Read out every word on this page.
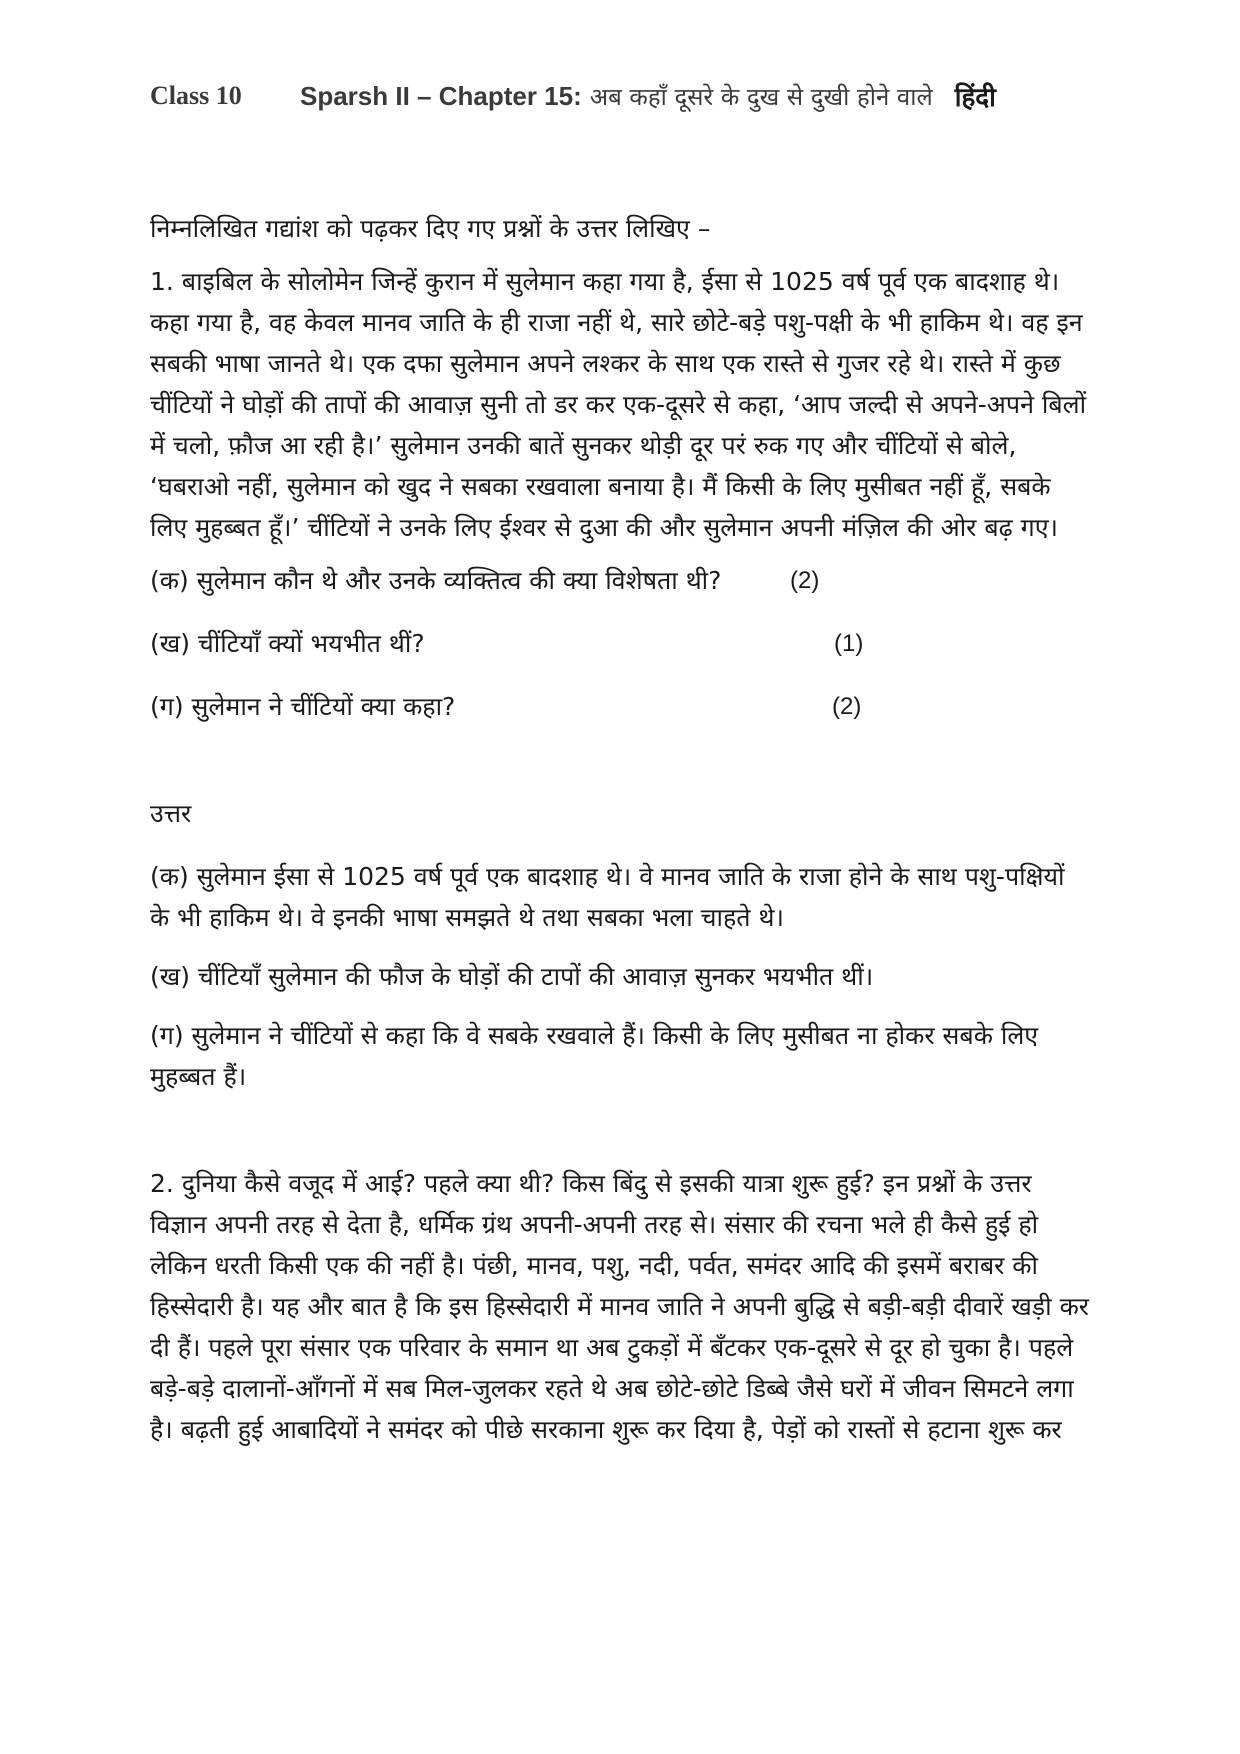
Class 10	Sparsh II – Chapter 15: अब कहाँ दूसरे के दुख से दुखी होने वाले हिंदी

निम्नलिखित गद्यांश को पढ़कर दिए गए प्रश्नों के उत्तर लिखिए –

1. बाइबिल के सोलोमेन जिन्हें कुरान में सुलेमान कहा गया है, ईसा से 1025 वर्ष पूर्व एक बादशाह थे। कहा गया है, वह केवल मानव जाति के ही राजा नहीं थे, सारे छोटे-बड़े पशु-पक्षी के भी हाकिम थे। वह इन सबकी भाषा जानते थे। एक दफा सुलेमान अपने लश्कर के साथ एक रास्ते से गुजर रहे थे। रास्ते में कुछ चींटियों ने घोड़ों की तापों की आवाज़ सुनी तो डर कर एक-दूसरे से कहा, ‘आप जल्दी से अपने-अपने बिलों में चलो, फ़ौज आ रही है।’ सुलेमान उनकी बातें सुनकर थोड़ी दूर परं रुक गए और चींटियों से बोले, ‘घबराओ नहीं, सुलेमान को खुद ने सबका रखवाला बनाया है। मैं किसी के लिए मुसीबत नहीं हूँ, सबके लिए मुहब्बत हूँ।’ चींटियों ने उनके लिए ईश्वर से दुआ की और सुलेमान अपनी मंज़िल की ओर बढ़ गए।

(क) सुलेमान कौन थे और उनके व्यक्तित्व की क्या विशेषता थी?	(2)
(ख) चींटियाँ क्यों भयभीत थीं?	(1)
(ग) सुलेमान ने चींटियों क्या कहा?	(2)

उत्तर

(क) सुलेमान ईसा से 1025 वर्ष पूर्व एक बादशाह थे। वे मानव जाति के राजा होने के साथ पशु-पक्षियों के भी हाकिम थे। वे इनकी भाषा समझते थे तथा सबका भला चाहते थे।

(ख) चींटियाँ सुलेमान की फौज के घोड़ों की टापों की आवाज़ सुनकर भयभीत थीं।

(ग) सुलेमान ने चींटियों से कहा कि वे सबके रखवाले हैं। किसी के लिए मुसीबत ना होकर सबके लिए मुहब्बत हैं।

2. दुनिया कैसे वजूद में आई? पहले क्या थी? किस बिंदु से इसकी यात्रा शुरू हुई? इन प्रश्नों के उत्तर विज्ञान अपनी तरह से देता है, धर्मिक ग्रंथ अपनी-अपनी तरह से। संसार की रचना भले ही कैसे हुई हो लेकिन धरती किसी एक की नहीं है। पंछी, मानव, पशु, नदी, पर्वत, समंदर आदि की इसमें बराबर की हिस्सेदारी है। यह और बात है कि इस हिस्सेदारी में मानव जाति ने अपनी बुद्धि से बड़ी-बड़ी दीवारें खड़ी कर दी हैं। पहले पूरा संसार एक परिवार के समान था अब टुकड़ों में बँटकर एक-दूसरे से दूर हो चुका है। पहले बड़े-बड़े दालानों-आँगनों में सब मिल-जुलकर रहते थे अब छोटे-छोटे डिब्बे जैसे घरों में जीवन सिमटने लगा है। बढ़ती हुई आबादियों ने समंदर को पीछे सरकाना शुरू कर दिया है, पेड़ों को रास्तों से हटाना शुरू कर
